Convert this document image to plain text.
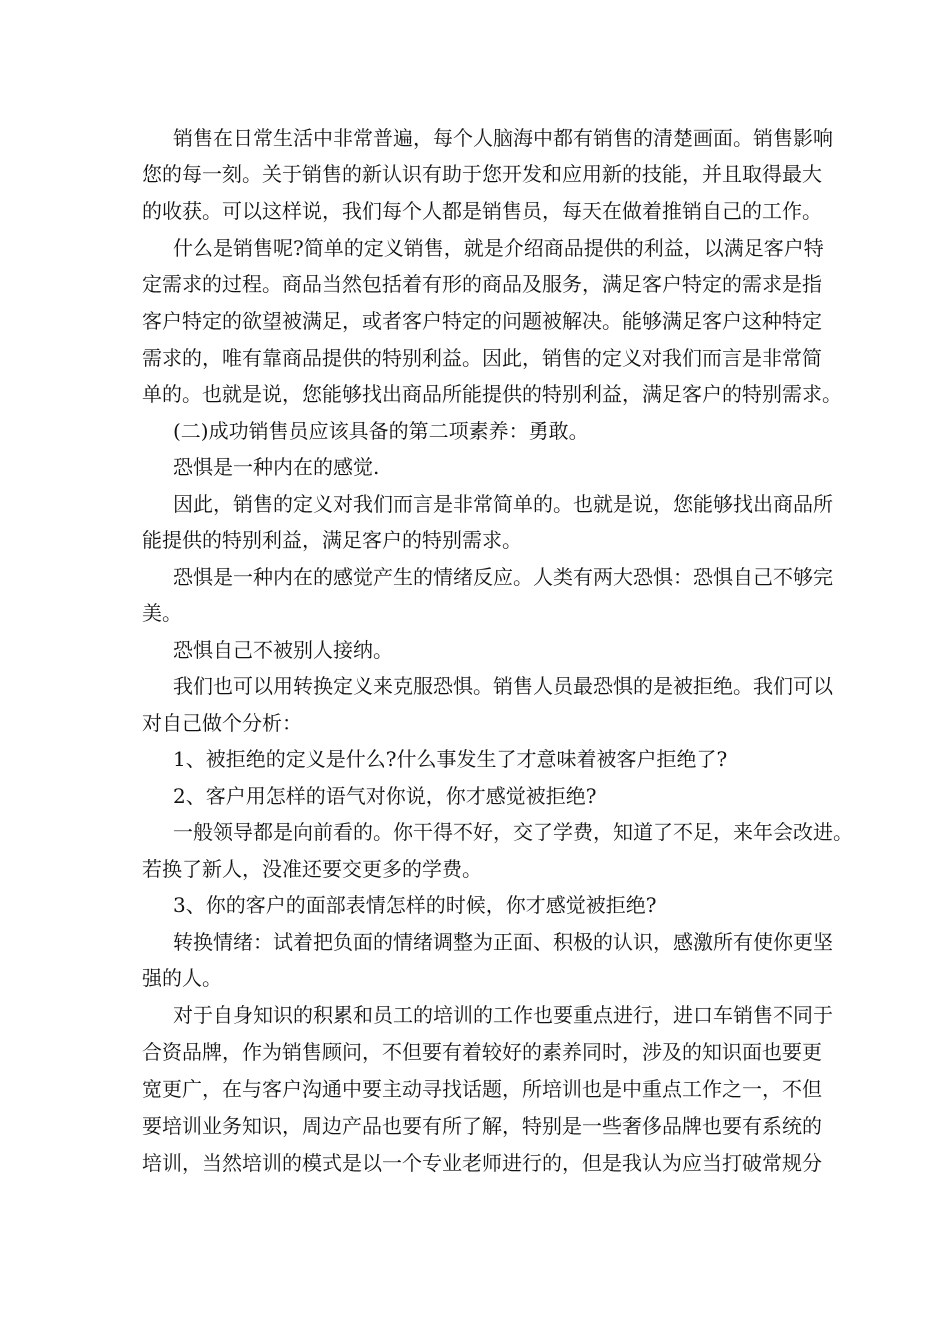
销售在日常生活中非常普遍，每个人脑海中都有销售的清楚画面。销售影响
您的每一刻。关于销售的新认识有助于您开发和应用新的技能，并且取得最大
的收获。可以这样说，我们每个人都是销售员，每天在做着推销自己的工作。
什么是销售呢?简单的定义销售，就是介绍商品提供的利益，以满足客户特
定需求的过程。商品当然包括着有形的商品及服务，满足客户特定的需求是指
客户特定的欲望被满足，或者客户特定的问题被解决。能够满足客户这种特定
需求的，唯有靠商品提供的特别利益。因此，销售的定义对我们而言是非常简
单的。也就是说，您能够找出商品所能提供的特别利益，满足客户的特别需求。
(二)成功销售员应该具备的第二项素养：勇敢。
恐惧是一种内在的感觉.
因此，销售的定义对我们而言是非常简单的。也就是说，您能够找出商品所
能提供的特别利益，满足客户的特别需求。
恐惧是一种内在的感觉产生的情绪反应。人类有两大恐惧：恐惧自己不够完
美。
恐惧自己不被别人接纳。
我们也可以用转换定义来克服恐惧。销售人员最恐惧的是被拒绝。我们可以
对自己做个分析：
1、被拒绝的定义是什么?什么事发生了才意味着被客户拒绝了?
2、客户用怎样的语气对你说，你才感觉被拒绝?
一般领导都是向前看的。你干得不好，交了学费，知道了不足，来年会改进。
若换了新人，没准还要交更多的学费。
3、你的客户的面部表情怎样的时候，你才感觉被拒绝?
转换情绪：试着把负面的情绪调整为正面、积极的认识，感激所有使你更坚
强的人。
对于自身知识的积累和员工的培训的工作也要重点进行，进口车销售不同于
合资品牌，作为销售顾问，不但要有着较好的素养同时，涉及的知识面也要更
宽更广，在与客户沟通中要主动寻找话题，所培训也是中重点工作之一，不但
要培训业务知识，周边产品也要有所了解，特别是一些奢侈品牌也要有系统的
培训，当然培训的模式是以一个专业老师进行的，但是我认为应当打破常规分
